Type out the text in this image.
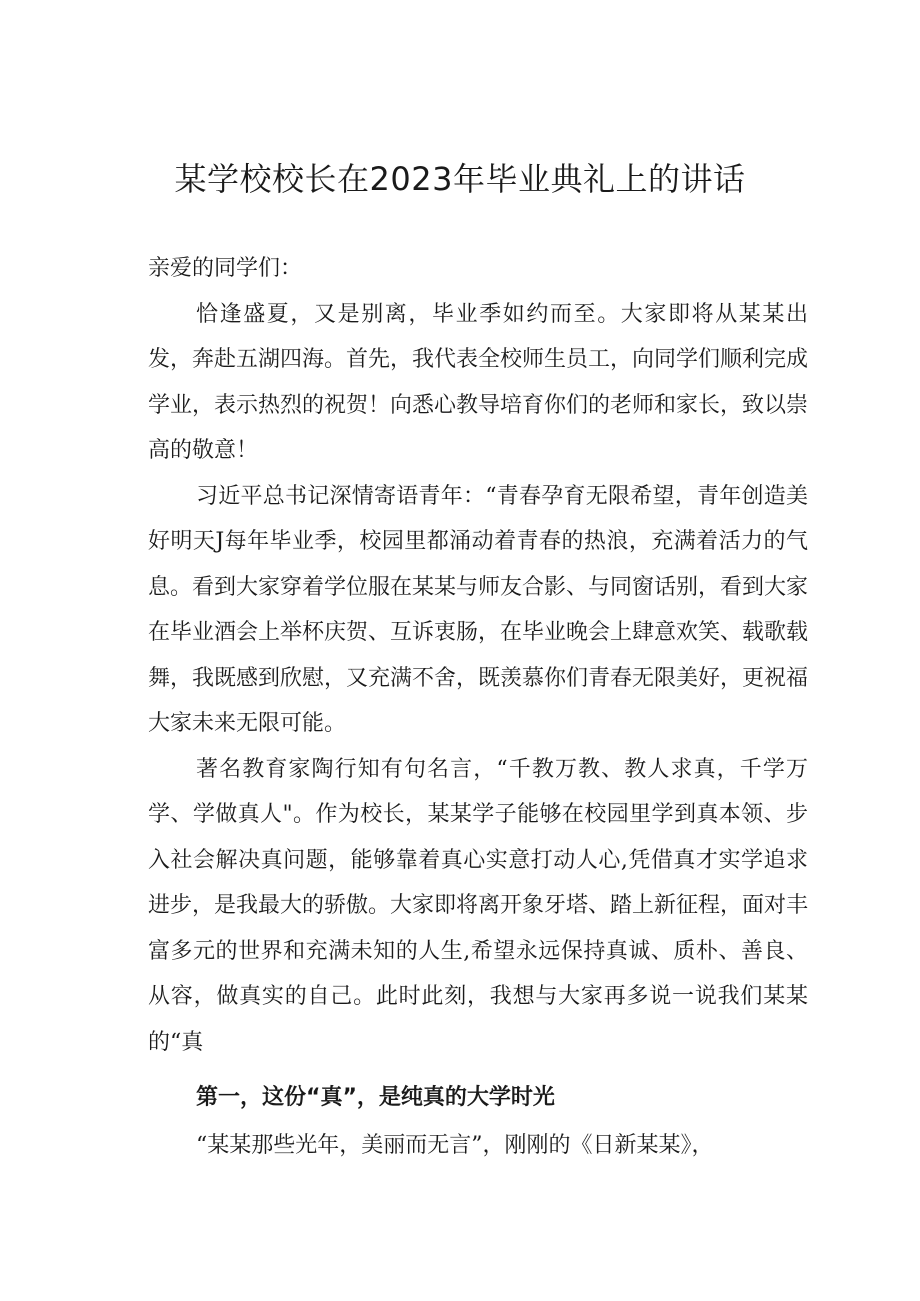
某学校校长在2023年毕业典礼上的讲话

亲爱的同学们：

恰逢盛夏，又是别离，毕业季如约而至。大家即将从某某出发，奔赴五湖四海。首先，我代表全校师生员工，向同学们顺利完成学业，表示热烈的祝贺！向悉心教导培育你们的老师和家长，致以崇高的敬意！

习近平总书记深情寄语青年：“青春孕育无限希望，青年创造美好明天J每年毕业季，校园里都涌动着青春的热浪，充满着活力的气息。看到大家穿着学位服在某某与师友合影、与同窗话别，看到大家在毕业酒会上举杯庆贺、互诉衷肠，在毕业晚会上肆意欢笑、载歌载舞，我既感到欣慰，又充满不舍，既羡慕你们青春无限美好，更祝福大家未来无限可能。

著名教育家陶行知有句名言，“千教万教、教人求真，千学万学、学做真人"。作为校长，某某学子能够在校园里学到真本领、步入社会解决真问题，能够靠着真心实意打动人心,凭借真才实学追求进步，是我最大的骄傲。大家即将离开象牙塔、踏上新征程，面对丰富多元的世界和充满未知的人生,希望永远保持真诚、质朴、善良、从容，做真实的自己。此时此刻，我想与大家再多说一说我们某某的“真

第一，这份“真”，是纯真的大学时光

“某某那些光年，美丽而无言”，刚刚的《日新某某》，
